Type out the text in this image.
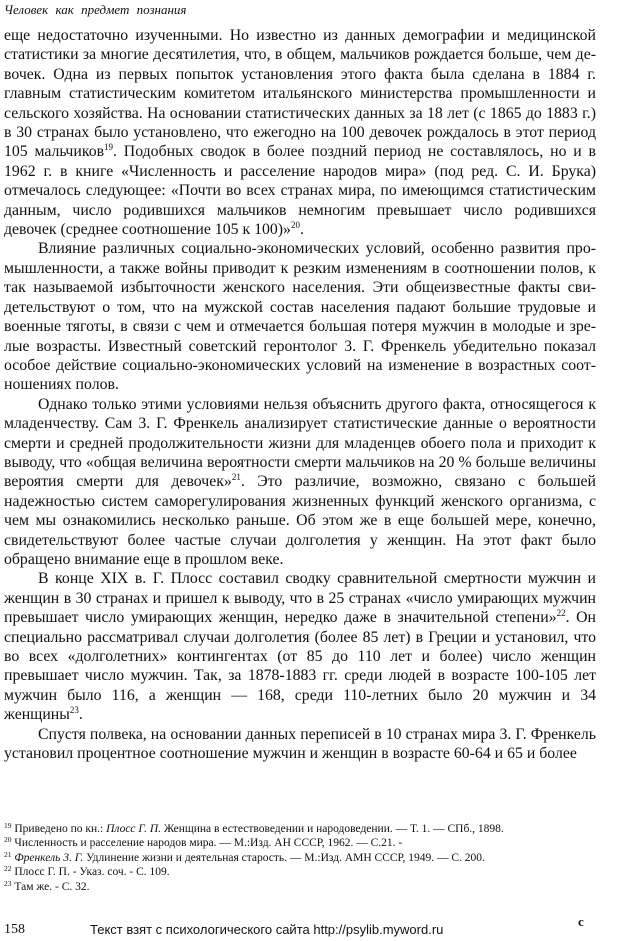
Человек как предмет познания

еще недостаточно изученными. Но известно из данных демографии и медицинской статистики за многие десятилетия, что, в общем, мальчиков рождается больше, чем девочек. Одна из первых попыток установления этого факта была сделана в 1884 г. главным статистическим комитетом итальянского министерства промышленности и сельского хозяйства. На основании статистических данных за 18 лет (с 1865 до 1883 г.) в 30 странах было установлено, что ежегодно на 100 девочек рождалось в этот период 105 мальчиков$^{19}$. Подобных сводок в более поздний период не составлялось, но и в 1962 г. в книге «Численность и расселение народов мира» (под ред. С. И. Брука) отмечалось следующее: «Почти во всех странах мира, по имеющимся статистическим данным, число родившихся мальчиков немногим превышает число родившихся девочек (среднее соотношение 105 к 100)»$^{20}$.

Влияние различных социально-экономических условий, особенно развития промышленности, а также войны приводит к резким изменениям в соотношении полов, к так называемой избыточности женского населения. Эти общеизвестные факты свидетельствуют о том, что на мужской состав населения падают большие трудовые и военные тяготы, в связи с чем и отмечается большая потеря мужчин в молодые и зрелые возрасты. Известный советский геронтолог 3. Г. Френкель убедительно показал особое действие социально-экономических условий на изменение в возрастных соотношениях полов.

Однако только этими условиями нельзя объяснить другого факта, относящегося к младенчеству. Сам 3. Г. Френкель анализирует статистические данные о вероятности смерти и средней продолжительности жизни для младенцев обоего пола и приходит к выводу, что «общая величина вероятности смерти мальчиков на 20 % больше величины вероятия смерти для девочек»$^{21}$. Это различие, возможно, связано с большей надежностью систем саморегулирования жизненных функций женского организма, с чем мы ознакомились несколько раньше. Об этом же в еще большей мере, конечно, свидетельствуют более частые случаи долголетия у женщин. На этот факт было обращено внимание еще в прошлом веке.

В конце XIX в. Г. Плосс составил сводку сравнительной смертности мужчин и женщин в 30 странах и пришел к выводу, что в 25 странах «число умирающих мужчин превышает число умирающих женщин, нередко даже в значительной степени»$^{22}$. Он специально рассматривал случаи долголетия (более 85 лет) в Греции и установил, что во всех «долголетних» контингентах (от 85 до 110 лет и более) число женщин превышает число мужчин. Так, за 1878-1883 гг. среди людей в возрасте 100-105 лет мужчин было 116, а женщин — 168, среди 110-летних было 20 мужчин и 34 женщины$^{23}$.

Спустя полвека, на основании данных переписей в 10 странах мира 3. Г. Френкель установил процентное соотношение мужчин и женщин в возрасте 60-64 и 65 и более

$^{19}$ Приведено по кн.: Плосс Г. П. Женщина в естествоведении и народоведении. — Т. 1. — СПб., 1898.
$^{20}$ Численность и расселение народов мира. — М.:Изд. АН СССР, 1962. — С.21. -
$^{21}$ Френкель 3. Г. Удлинение жизни и деятельная старость. — М.:Изд. АМН СССР, 1949. — С. 200.
$^{22}$ Плосс Г. П. - Указ. соч. - С. 109.
$^{23}$ Там же. - С. 32.
158	Текст взят с психологического сайта http://psylib.myword.ru
с
